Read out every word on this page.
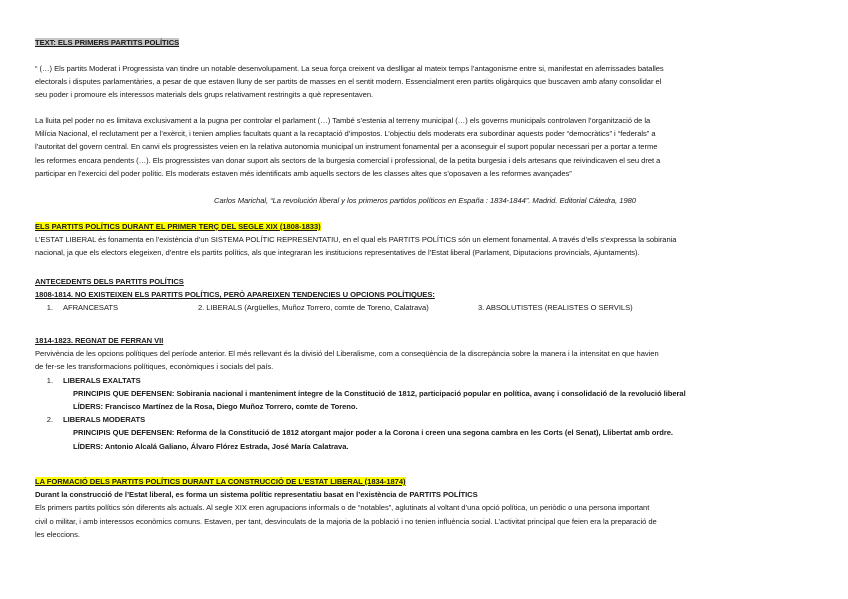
TEXT: ELS PRIMERS PARTITS POLÍTICS
“ (…) Els partits Moderat i Progressista van tindre un notable desenvolupament. La seua força creixent va deslligar al mateix temps l’antagonisme entre si, manifestat en aferrissades batalles
electorals i disputes parlamentàries, a pesar de que estaven lluny de ser partits de masses en el sentit modern. Essencialment eren partits oligàrquics que buscaven amb afany consolidar el
seu poder i promoure els interessos materials dels grups relativament restringits a què representaven.
La lluita pel poder no es limitava exclusivament a la pugna per controlar el parlament (…) També s’estenia al terreny municipal (…) els governs municipals controlaven l’organització de la
Milícia Nacional, el reclutament per a l’exèrcit, i tenien amplies facultats quant a la recaptació d’impostos. L’objectiu dels moderats era subordinar aquests poder “democràtics” i “federals” a
l’autoritat del govern central. En canvi els progressistes veien en la relativa autonomia municipal un instrument fonamental per a aconseguir el suport popular necessari per a portar a terme
les reformes encara pendents (…). Els progressistes van donar suport als sectors de la burgesia comercial i professional, de la petita burgesia i dels artesans que reivindicaven el seu dret a
participar en l’exercici del poder polític. Els moderats estaven més identificats amb aquells sectors de les classes altes que s’oposaven a les reformes avançades”
Carlos Marichal, “La revolución liberal y los primeros partidos políticos en España : 1834-1844”. Madrid. Editorial Cátedra, 1980
ELS PARTITS POLÍTICS DURANT EL PRIMER TERÇ DEL SEGLE XIX (1808-1833)
L’ESTAT LIBERAL és fonamenta en l’existència d’un SISTEMA POLÍTIC REPRESENTATIU, en el qual els PARTITS POLÍTICS són un element fonamental. A través d’ells s’expressa la sobirania
nacional, ja que els electors elegeixen, d’entre els partits polítics, als que integraran les institucions representatives de l’Estat liberal (Parlament, Diputacions provincials, Ajuntaments).
ANTECEDENTS DELS PARTITS POLÍTICS
1808-1814. NO EXISTEIXEN ELS PARTITS POLÍTICS, PERÒ APAREIXEN TENDENCIES U OPCIONS POLÍTIQUES:
1.	AFRANCESATS	2. LIBERALS (Argüelles, Muñoz Torrero, comte de Toreno, Calatrava)	3. ABSOLUTISTES (REALISTES O SERVILS)
1814-1823. REGNAT DE FERRAN VII
Pervivència de les opcions polítiques del període anterior. El més rellevant és la divisió del Liberalisme, com a conseqüència de la discrepància sobre la manera i la intensitat en que havien
de fer-se les transformacions polítiques, econòmiques i socials del país.
1.	LIBERALS EXALTATS
PRINCIPIS QUE DEFENSEN: Sobirania nacional i manteniment íntegre de la Constitució de 1812, participació popular en política, avanç i consolidació de la revolució liberal
LÍDERS: Francisco Martínez de la Rosa, Diego Muñoz Torrero, comte de Toreno.
2.	LIBERALS MODERATS
PRINCIPIS QUE DEFENSEN: Reforma de la Constitució de 1812 atorgant major poder a la Corona i creen una segona cambra en les Corts (el Senat), Llibertat amb ordre.
LÍDERS: Antonio Alcalá Galiano, Álvaro Flórez Estrada, José María Calatrava.
LA FORMACIÓ DELS PARTITS POLÍTICS DURANT LA CONSTRUCCIÓ DE L’ESTAT LIBERAL (1834-1874)
Durant la construcció de l’Estat liberal, es forma un sistema polític representatiu basat en l’existència de PARTITS POLÍTICS
Els primers partits polítics són diferents als actuals. Al segle XIX eren agrupacions informals o de “notables”, aglutinats al voltant d’una opció política, un periòdic o una persona important
civil o militar, i amb interessos econòmics comuns. Estaven, per tant, desvinculats de la majoria de la població i no tenien influència social. L’activitat principal que feien era la preparació de
les eleccions.
